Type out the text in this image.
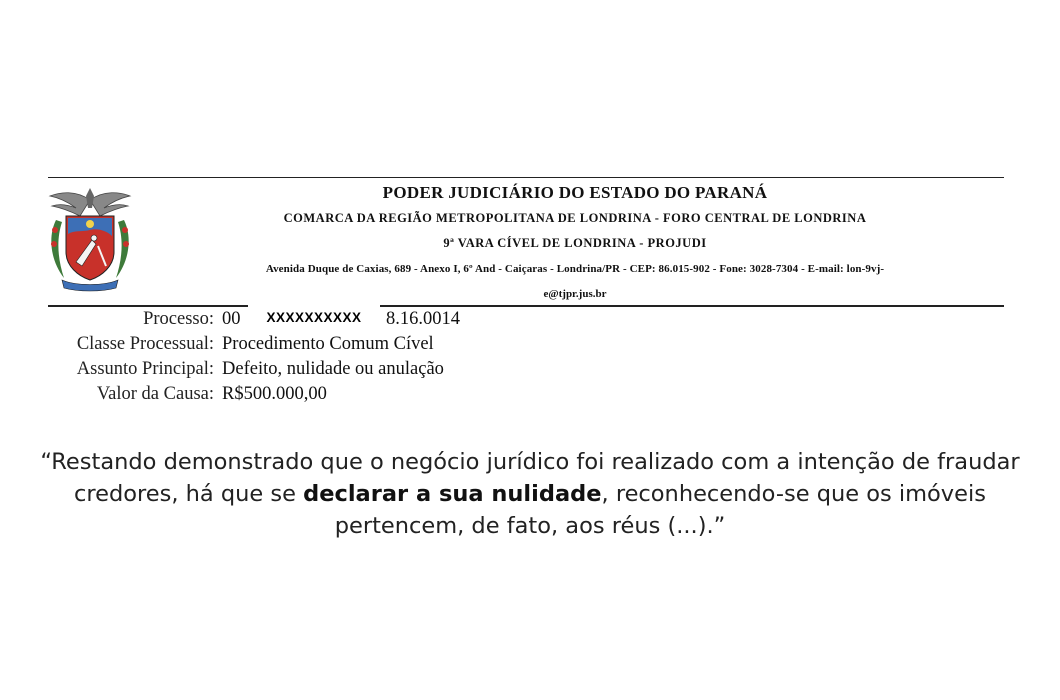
PODER JUDICIÁRIO DO ESTADO DO PARANÁ
COMARCA DA REGIÃO METROPOLITANA DE LONDRINA - FORO CENTRAL DE LONDRINA
9ª VARA CÍVEL DE LONDRINA - PROJUDI
Avenida Duque de Caxias, 689 - Anexo I, 6º And - Caiçaras - Londrina/PR - CEP: 86.015-902 - Fone: 3028-7304 - E-mail: lon-9vj-
e@tjpr.jus.br
Processo: 00	8.16.0014
Classe Processual: Procedimento Comum Cível
Assunto Principal: Defeito, nulidade ou anulação
Valor da Causa: R$500.000,00
XXXXXXXXXX
“Restando demonstrado que o negócio jurídico foi realizado com a intenção de fraudar credores, há que se declarar a sua nulidade, reconhecendo-se que os imóveis pertencem, de fato, aos réus (...).”
